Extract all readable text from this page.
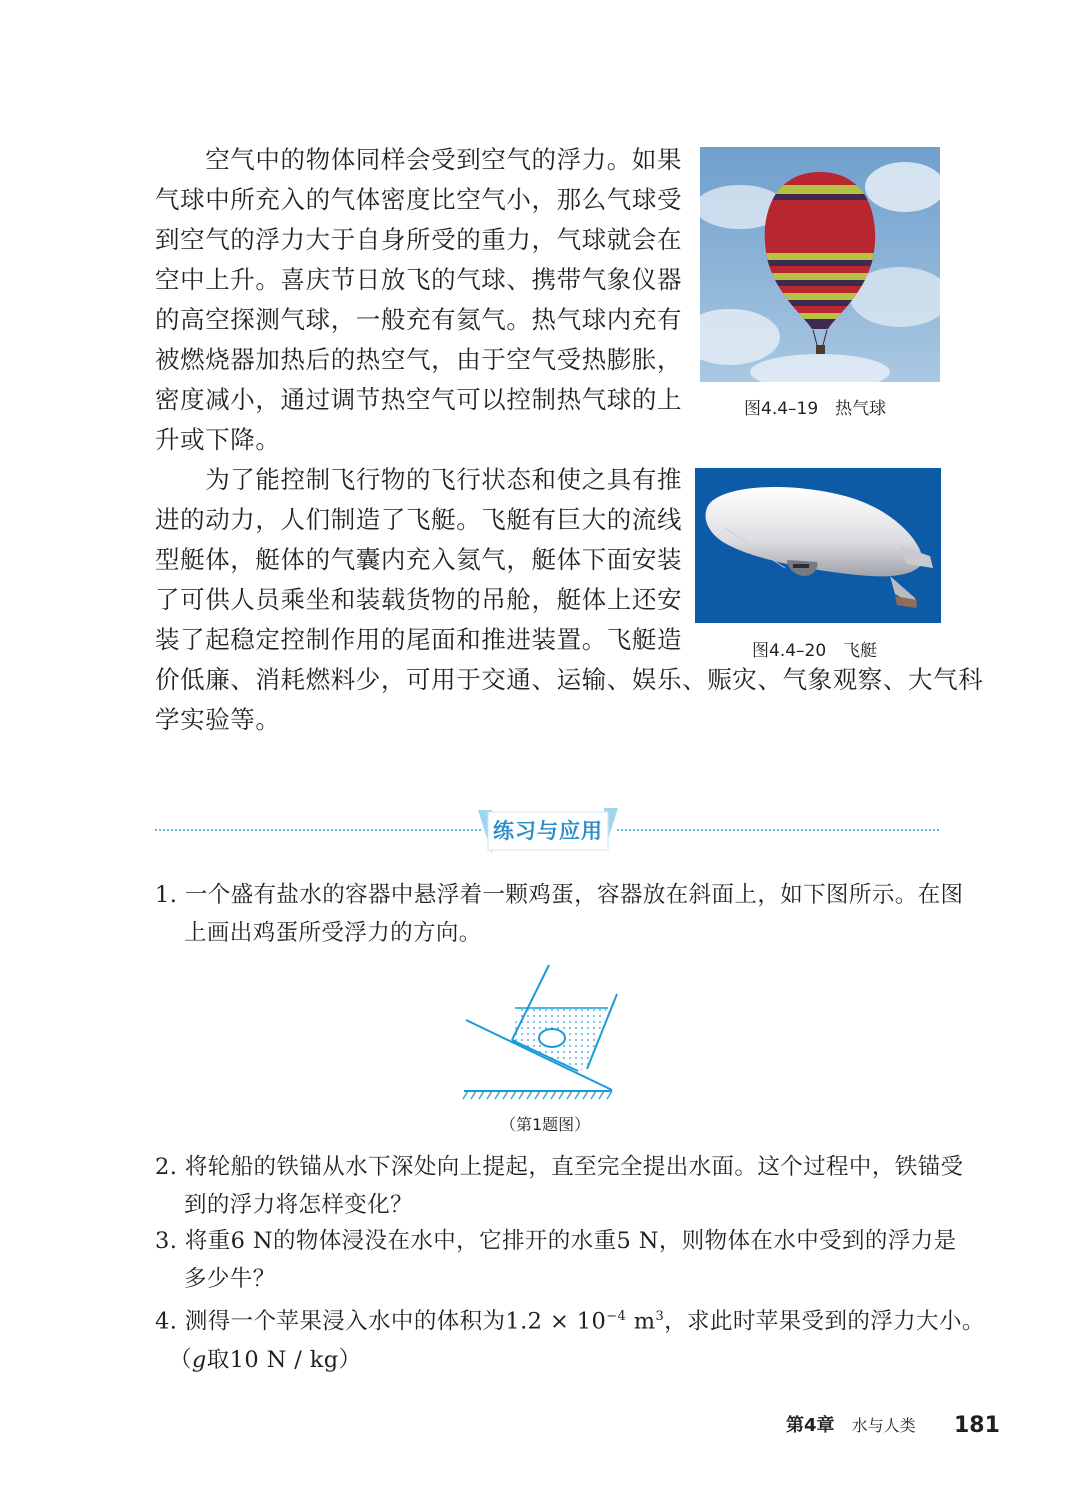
　　空气中的物体同样会受到空气的浮力。如果
气球中所充入的气体密度比空气小，那么气球受
到空气的浮力大于自身所受的重力，气球就会在
空中上升。喜庆节日放飞的气球、携带气象仪器
的高空探测气球，一般充有氦气。热气球内充有
被燃烧器加热后的热空气，由于空气受热膨胀，
密度减小，通过调节热空气可以控制热气球的上
升或下降。
图4.4–19　热气球
　　为了能控制飞行物的飞行状态和使之具有推
进的动力，人们制造了飞艇。飞艇有巨大的流线
型艇体，艇体的气囊内充入氦气，艇体下面安装
了可供人员乘坐和装载货物的吊舱，艇体上还安
装了起稳定控制作用的尾面和推进装置。飞艇造
价低廉、消耗燃料少，可用于交通、运输、娱乐、赈灾、气象观察、大气科
学实验等。
图4.4–20　飞艇
练习与应用
1. 一个盛有盐水的容器中悬浮着一颗鸡蛋，容器放在斜面上，如下图所示。在图
上画出鸡蛋所受浮力的方向。
（第1题图）
2. 将轮船的铁锚从水下深处向上提起，直至完全提出水面。这个过程中，铁锚受
到的浮力将怎样变化？
3. 将重6 N的物体浸没在水中，它排开的水重5 N，则物体在水中受到的浮力是
多少牛？
4. 测得一个苹果浸入水中的体积为$1.2 \times 10^{-4}$ $m^3$，求此时苹果受到的浮力大小。
（g取10 N / kg）
第4章 水与人类 181
